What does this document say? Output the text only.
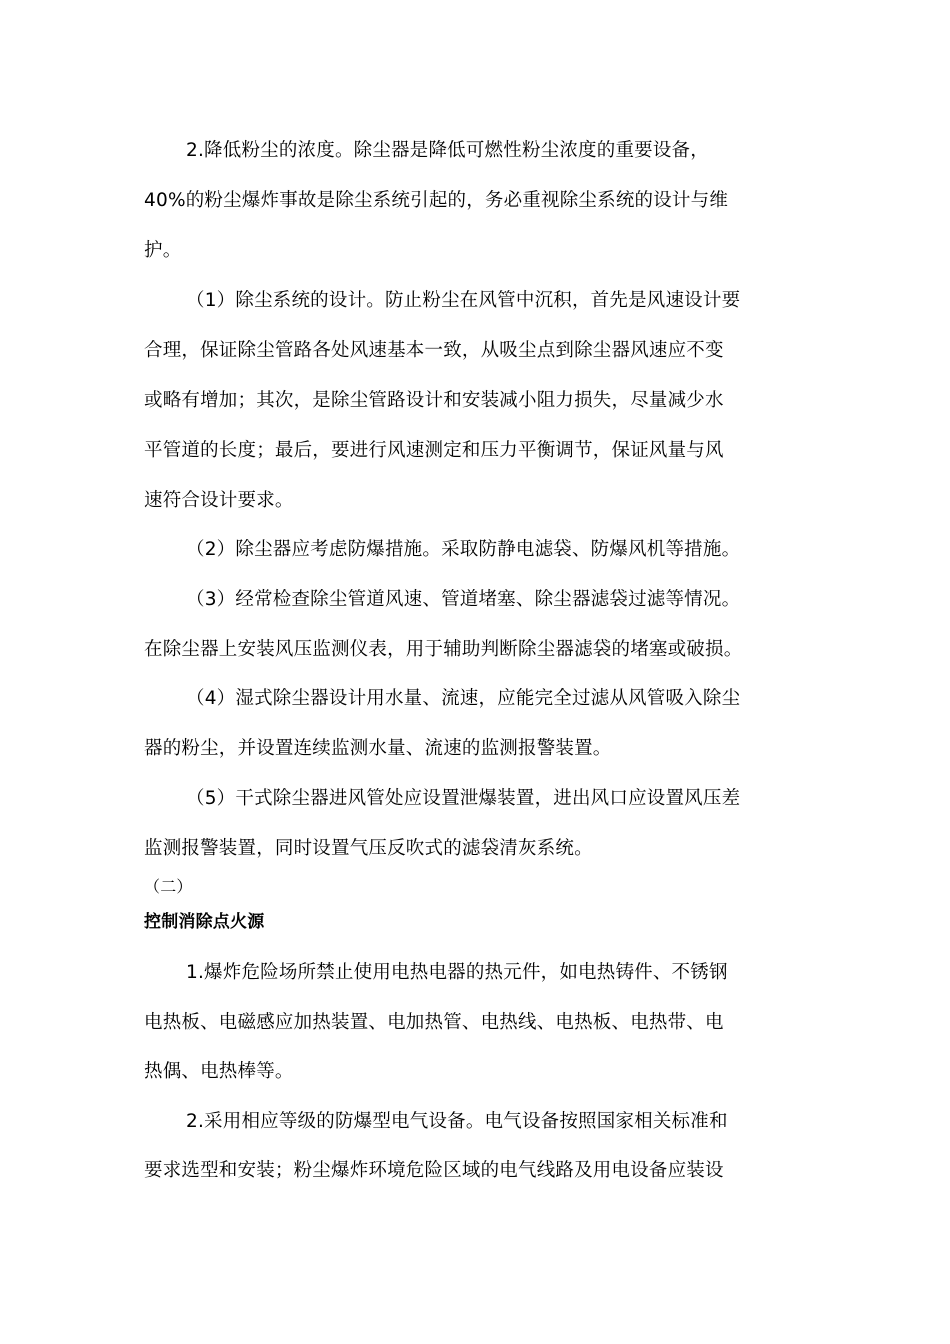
2.降低粉尘的浓度。除尘器是降低可燃性粉尘浓度的重要设备，
40%的粉尘爆炸事故是除尘系统引起的，务必重视除尘系统的设计与维
护。
（1）除尘系统的设计。防止粉尘在风管中沉积，首先是风速设计要
合理，保证除尘管路各处风速基本一致，从吸尘点到除尘器风速应不变
或略有增加；其次，是除尘管路设计和安装减小阻力损失，尽量减少水
平管道的长度；最后，要进行风速测定和压力平衡调节，保证风量与风
速符合设计要求。
（2）除尘器应考虑防爆措施。采取防静电滤袋、防爆风机等措施。
（3）经常检查除尘管道风速、管道堵塞、除尘器滤袋过滤等情况。
在除尘器上安装风压监测仪表，用于辅助判断除尘器滤袋的堵塞或破损。
（4）湿式除尘器设计用水量、流速，应能完全过滤从风管吸入除尘
器的粉尘，并设置连续监测水量、流速的监测报警装置。
（5）干式除尘器进风管处应设置泄爆装置，进出风口应设置风压差
监测报警装置，同时设置气压反吹式的滤袋清灰系统。
（二）
控制消除点火源
1.爆炸危险场所禁止使用电热电器的热元件，如电热铸件、不锈钢
电热板、电磁感应加热装置、电加热管、电热线、电热板、电热带、电
热偶、电热棒等。
2.采用相应等级的防爆型电气设备。电气设备按照国家相关标准和
要求选型和安装；粉尘爆炸环境危险区域的电气线路及用电设备应装设
